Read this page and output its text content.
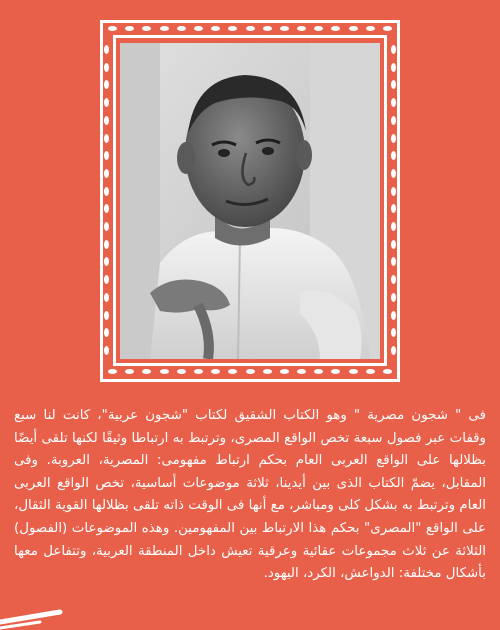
فى " شجون مصرية " وهو الكتاب الشقيق لكتاب "شجون عربية"، كانت لنا سبع وقفات عبر فصول سبعة تخص الواقع المصرى، وترتبط به ارتباطا وثيقًا لكنها تلقى أيضًا بظلالها على الواقع العربى العام بحكم ارتباط مفهومى: المصرية، العروبة. وفى المقابل، يضمّ الكتاب الذى بين أيدينا، ثلاثة موضوعات أساسية، تخص الواقع العربى العام وترتبط به بشكل كلى ومباشر، مع أنها فى الوقت ذاته تلقى بظلالها القوية الثقال، على الواقع "المصرى" بحكم هذا الارتباط بين المفهومين. وهذه الموضوعات (الفصول) الثلاثة عن ثلاث مجموعات عقائية وعرقية تعيش داخل المنطقة العربية، وتتفاعل معها بأشكال مختلفة: الدواعش، الكرد، اليهود.
